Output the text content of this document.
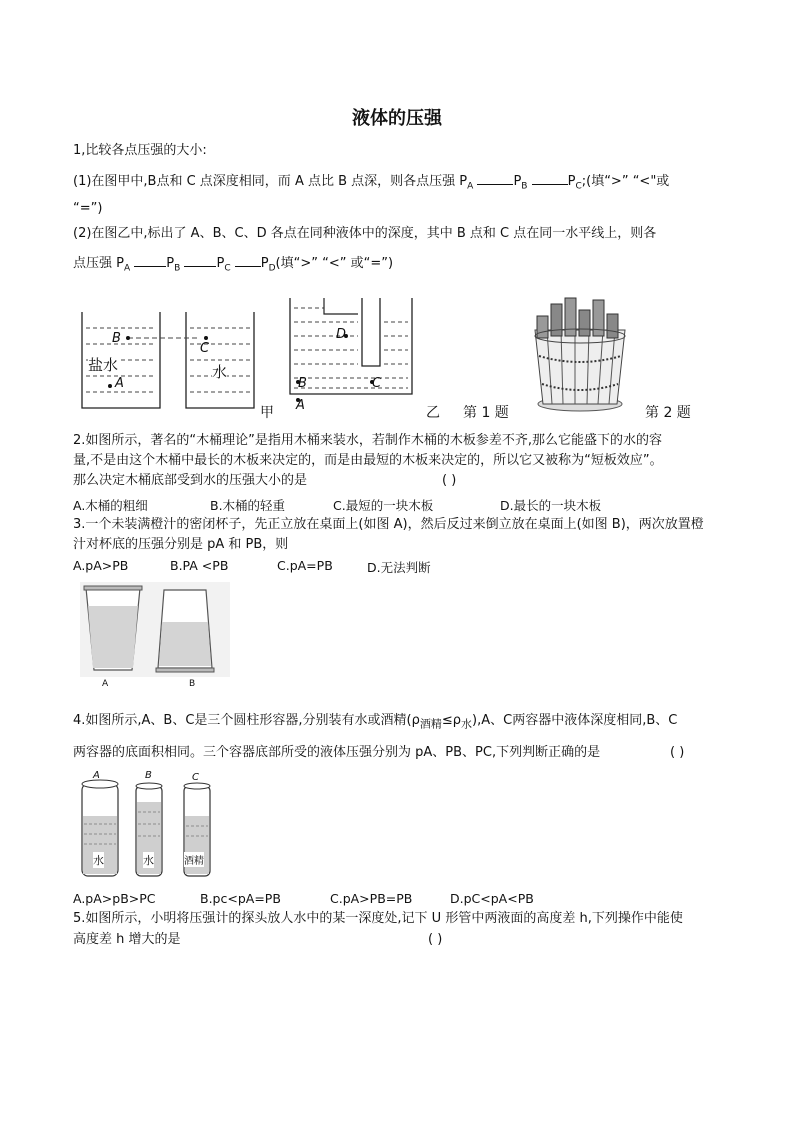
液体的压强
1,比较各点压强的大小:
(1)在图甲中,B点和 C 点深度相同，而 A 点比 B 点深，则各点压强 $P_A$	$P_B$	$P_C$;(填“>” “<"或
“=”)
(2)在图乙中,标出了 A、B、C、D 各点在同种液体中的深度，其中 B 点和 C 点在同一水平线上，则各
点压强 $P_A$	$P_B$	$P_C$ $P_D$(填“>” “<” 或“=”)
B
C
A
盐水	水
甲
D
B	C
A	乙 第 1 题	第 2 题
2.如图所示，著名的“木桶理论”是指用木桶来装水，若制作木桶的木板参差不齐,那么它能盛下的水的容
量,不是由这个木桶中最长的木板来决定的，而是由最短的木板来决定的，所以它又被称为“短板效应”。
那么决定木桶底部受到水的压强大小的是	( )
A.木桶的粗细	B.木桶的轻重	C.最短的一块木板	D.最长的一块木板
3.一个未装满橙汁的密闭杯子，先正立放在桌面上(如图 A)，然后反过来倒立放在桌面上(如图 B)，两次放置橙
汁对杯底的压强分别是 pA 和 PB，则
A.pA>PB	B.PA <PB	C.pA=PB	D.无法判断
A	B
4.如图所示,A、B、C是三个圆柱形容器,分别装有水或酒精$(\rho_{酒精}\le\rho_水),A$、C两容器中液体深度相同,B、C
两容器的底面积相同。三个容器底部所受的液体压强分别为 pA、PB、PC,下列判断正确的是	( )
A	B	C
水	水	酒精
A.pA>pB>PC	B.pc<pA=PB	C.pA>PB=PB	D.pC<pA<PB
5.如图所示，小明将压强计的探头放人水中的某一深度处,记下 U 形管中两液面的高度差 h,下列操作中能使
高度差 h 增大的是	( )
